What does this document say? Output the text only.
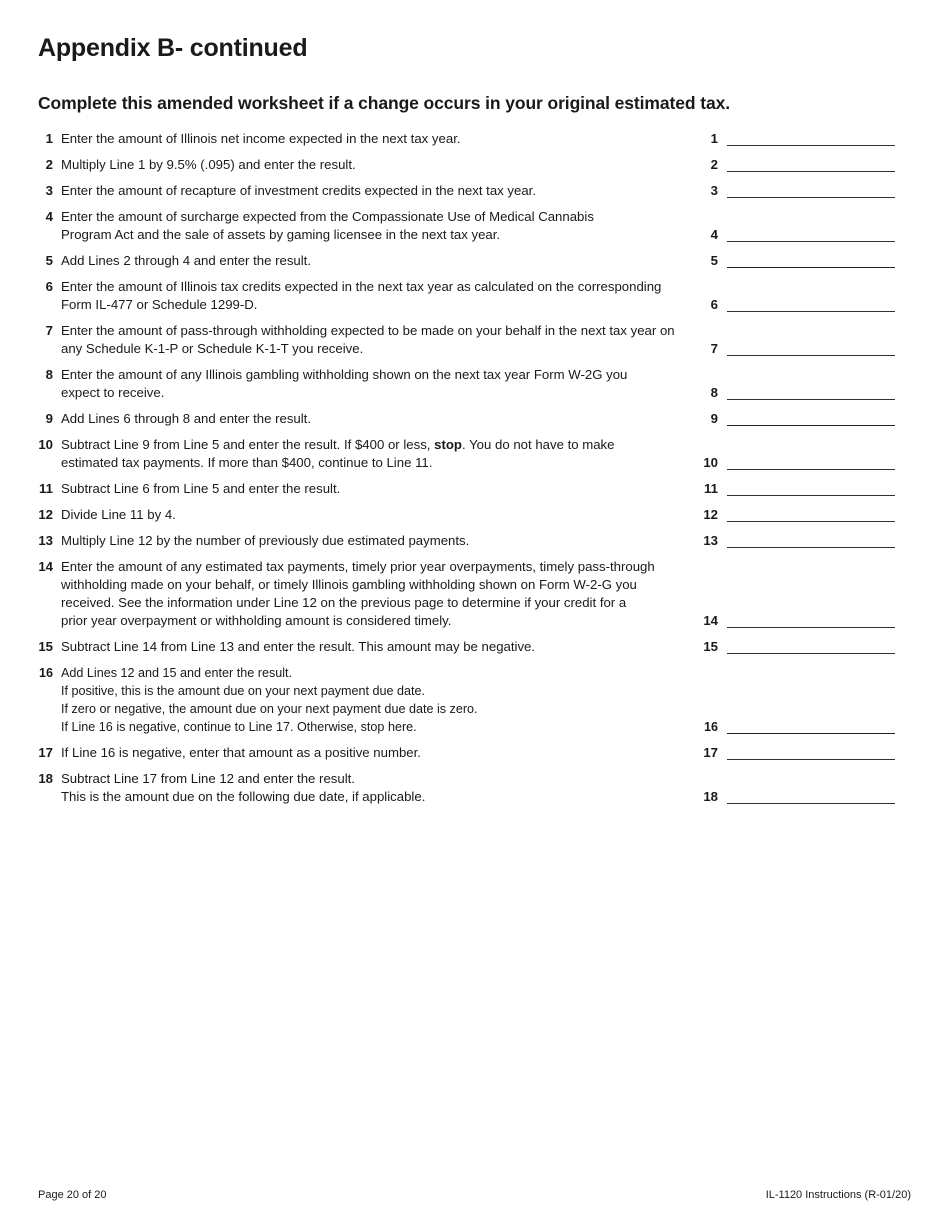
Appendix B- continued
Complete this amended worksheet if a change occurs in your original estimated tax.
1 Enter the amount of Illinois net income expected in the next tax year.	1
2 Multiply Line 1 by 9.5% (.095) and enter the result.	2
3 Enter the amount of recapture of investment credits expected in the next tax year.	3
4 Enter the amount of surcharge expected from the Compassionate Use of Medical Cannabis
Program Act and the sale of assets by gaming licensee in the next tax year.	4
5 Add Lines 2 through 4 and enter the result.	5
6 Enter the amount of Illinois tax credits expected in the next tax year as calculated on the corresponding
Form IL-477 or Schedule 1299-D.	6
7 Enter the amount of pass-through withholding expected to be made on your behalf in the next tax year on
any Schedule K-1-P or Schedule K-1-T you receive.	7
8 Enter the amount of any Illinois gambling withholding shown on the next tax year Form W-2G you
expect to receive.	8
9 Add Lines 6 through 8 and enter the result.	9
10 Subtract Line 9 from Line 5 and enter the result. If $400 or less, stop. You do not have to make
estimated tax payments. If more than $400, continue to Line 11.	10
11 Subtract Line 6 from Line 5 and enter the result.	11
12 Divide Line 11 by 4.	12
13 Multiply Line 12 by the number of previously due estimated payments.	13
14 Enter the amount of any estimated tax payments, timely prior year overpayments, timely pass-through
withholding made on your behalf, or timely Illinois gambling withholding shown on Form W-2-G you
received. See the information under Line 12 on the previous page to determine if your credit for a
prior year overpayment or withholding amount is considered timely.	14
15 Subtract Line 14 from Line 13 and enter the result. This amount may be negative.	15
16 Add Lines 12 and 15 and enter the result.
If positive, this is the amount due on your next payment due date.
If zero or negative, the amount due on your next payment due date is zero.
If Line 16 is negative, continue to Line 17. Otherwise, stop here.	16
17 If Line 16 is negative, enter that amount as a positive number.	17
18 Subtract Line 17 from Line 12 and enter the result.
This is the amount due on the following due date, if applicable.	18
Page 20 of 20	IL-1120 Instructions (R-01/20)
